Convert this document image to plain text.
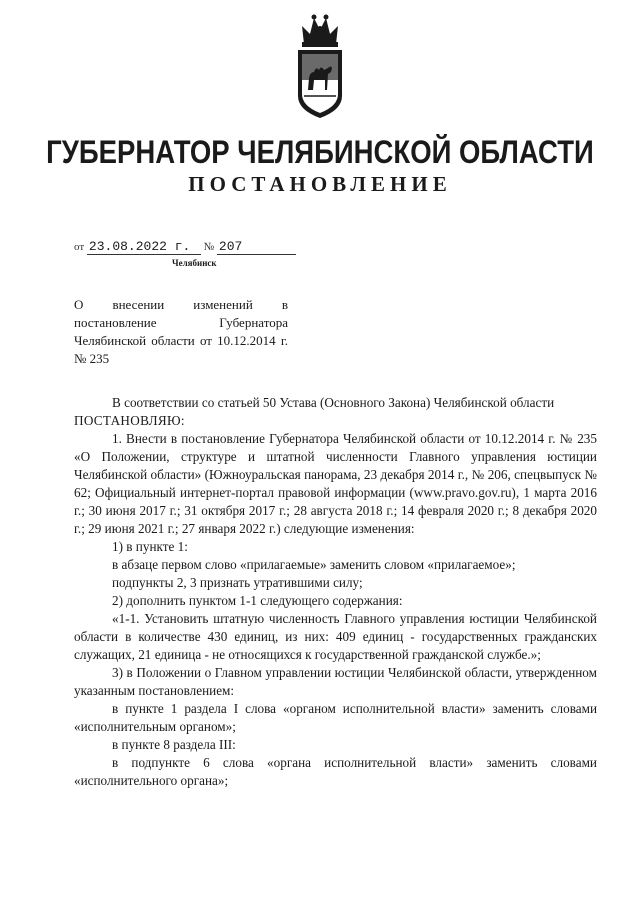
ГУБЕРНАТОР ЧЕЛЯБИНСКОЙ ОБЛАСТИ
ПОСТАНОВЛЕНИЕ
от 23.08.2022 г. № 207
Челябинск
О внесении изменений в постановление Губернатора Челябинской области от 10.12.2014 г. № 235

В соответствии со статьей 50 Устава (Основного Закона) Челябинской области

ПОСТАНОВЛЯЮ:

1. Внести в постановление Губернатора Челябинской области от 10.12.2014 г. № 235 «О Положении, структуре и штатной численности Главного управления юстиции Челябинской области» (Южноуральская панорама, 23 декабря 2014 г., № 206, спецвыпуск № 62; Официальный интернет-портал правовой информации (www.pravo.gov.ru), 1 марта 2016 г.; 30 июня 2017 г.; 31 октября 2017 г.; 28 августа 2018 г.; 14 февраля 2020 г.; 8 декабря 2020 г.; 29 июня 2021 г.; 27 января 2022 г.) следующие изменения:

1) в пункте 1:

в абзаце первом слово «прилагаемые» заменить словом «прилагаемое»;

подпункты 2, 3 признать утратившими силу;

2) дополнить пунктом 1-1 следующего содержания:

«1-1. Установить штатную численность Главного управления юстиции Челябинской области в количестве 430 единиц, из них: 409 единиц - государственных гражданских служащих, 21 единица - не относящихся к государственной гражданской службе.»;

3) в Положении о Главном управлении юстиции Челябинской области, утвержденном указанным постановлением:

в пункте 1 раздела I слова «органом исполнительной власти» заменить словами «исполнительным органом»;

в пункте 8 раздела III:

в подпункте 6 слова «органа исполнительной власти» заменить словами «исполнительного органа»;
